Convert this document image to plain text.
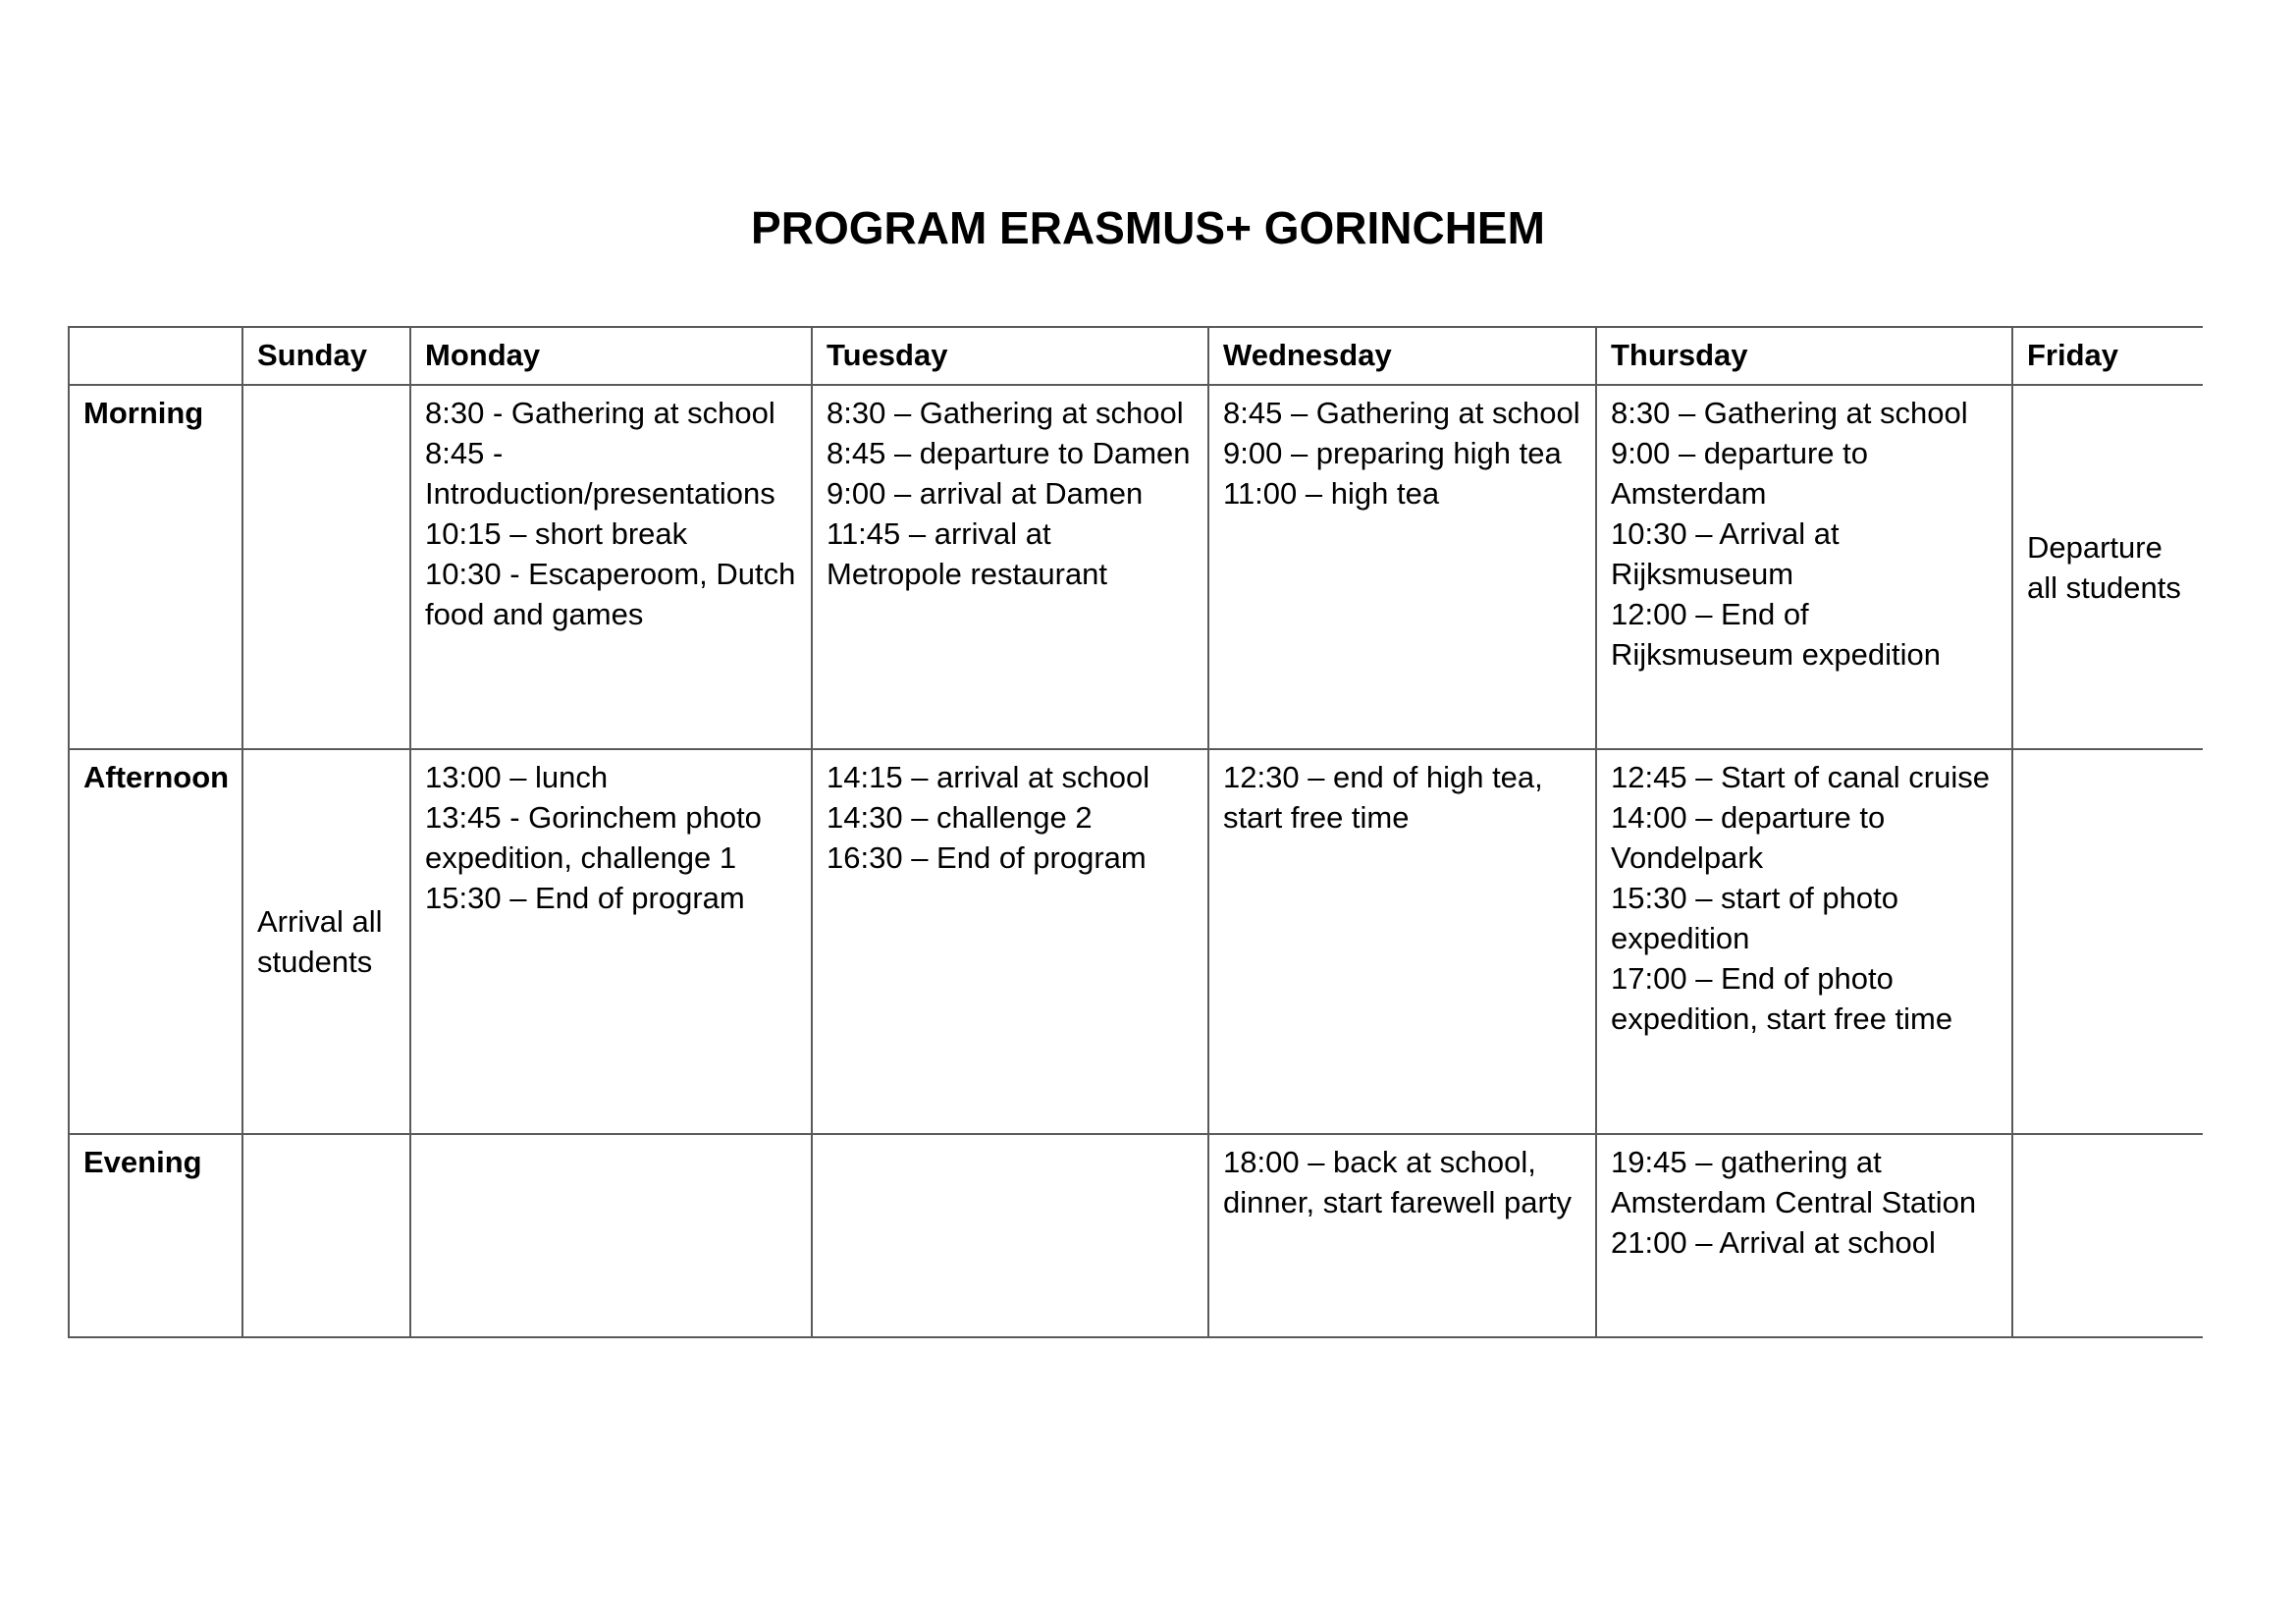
PROGRAM ERASMUS+ GORINCHEM
	Sunday	Monday	Tuesday	Wednesday	Thursday	Friday
Morning		8:30 - Gathering at school
8:45 - Introduction/presentations
10:15 – short break
10:30 - Escaperoom, Dutch food and games	8:30 – Gathering at school
8:45 – departure to Damen
9:00 – arrival at Damen
11:45 – arrival at Metropole restaurant	8:45 – Gathering at school
9:00 – preparing high tea
11:00 – high tea	8:30 – Gathering at school
9:00 – departure to Amsterdam
10:30 – Arrival at Rijksmuseum
12:00 – End of Rijksmuseum expedition	Departure all students
Afternoon	Arrival all students	13:00 – lunch
13:45 - Gorinchem photo expedition, challenge 1
15:30 – End of program	14:15 – arrival at school
14:30 – challenge 2
16:30 – End of program	12:30 – end of high tea, start free time	12:45 – Start of canal cruise
14:00 – departure to Vondelpark
15:30 – start of photo expedition
17:00 – End of photo expedition, start free time	
Evening				18:00 – back at school, dinner, start farewell party	19:45 – gathering at Amsterdam Central Station
21:00 – Arrival at school	
